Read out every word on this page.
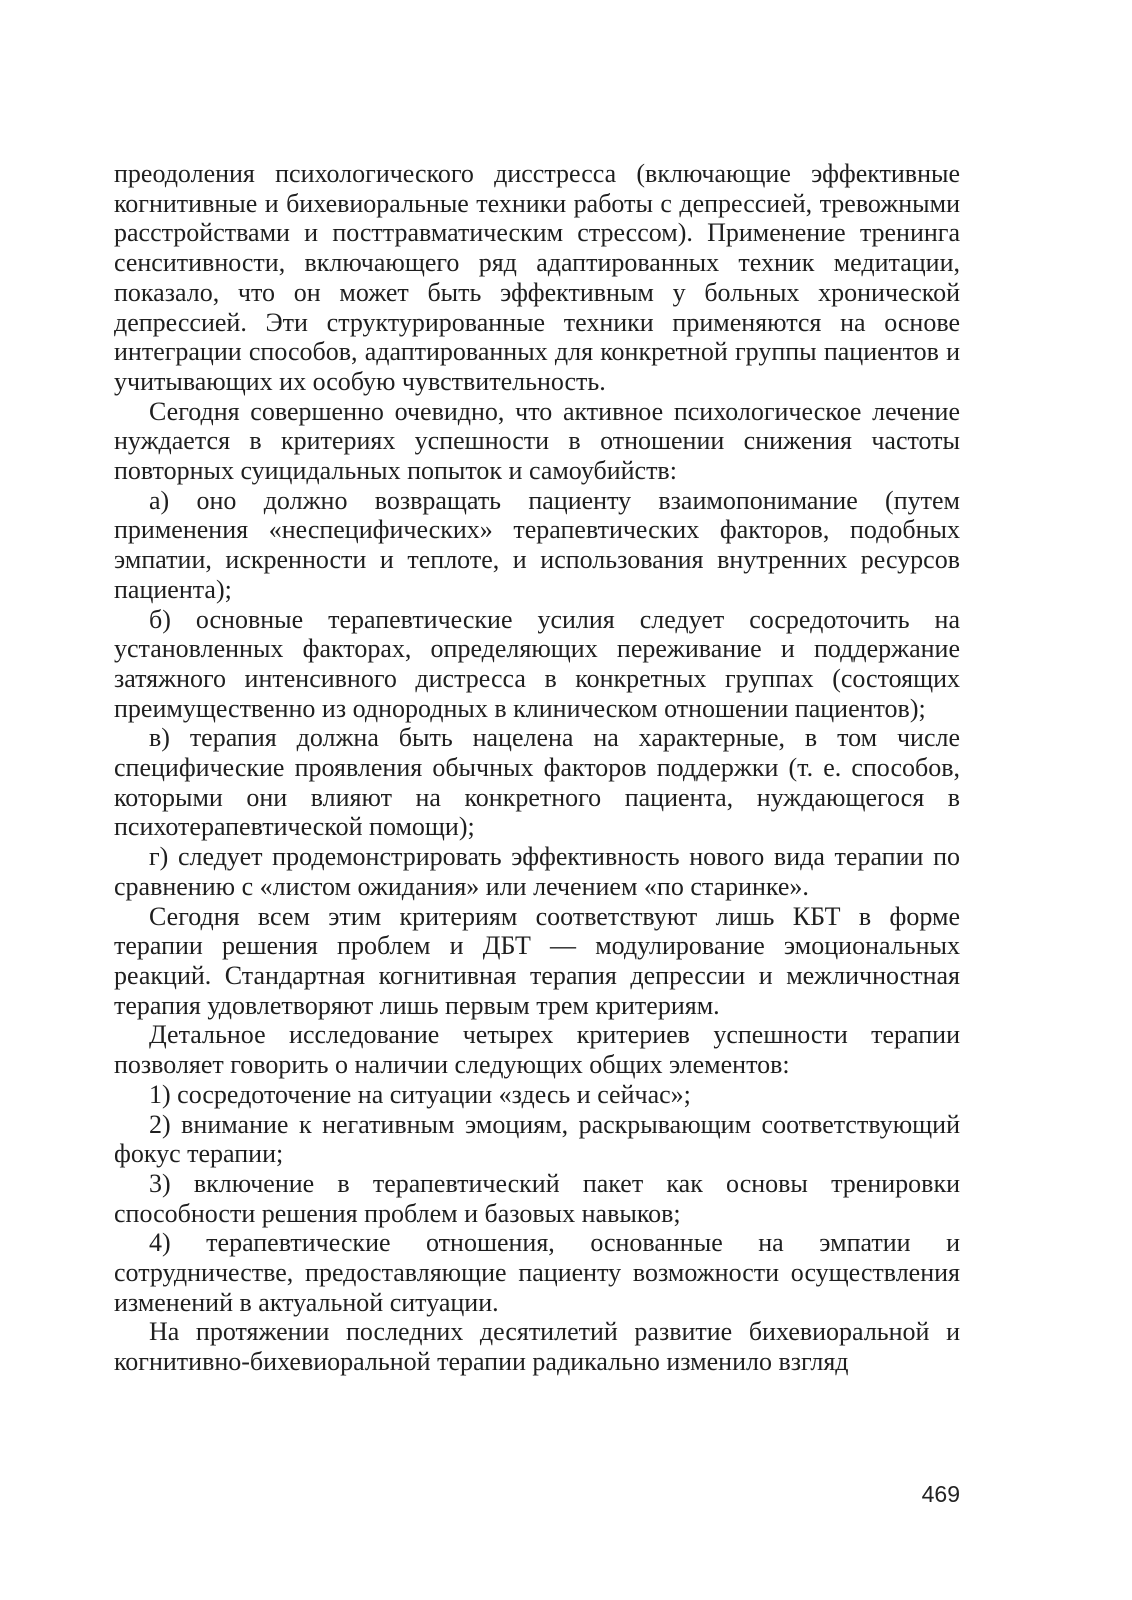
преодоления психологического дисстресса (включающие эффективные когнитивные и бихевиоральные техники работы с депрессией, тревожными расстройствами и посттравматическим стрессом). Применение тренинга сенситивности, включающего ряд адаптированных техник медитации, показало, что он может быть эффективным у больных хронической депрессией. Эти структурированные техники применяются на основе интеграции способов, адаптированных для конкретной группы пациентов и учитывающих их особую чувствительность.

Сегодня совершенно очевидно, что активное психологическое лечение нуждается в критериях успешности в отношении снижения частоты повторных суицидальных попыток и самоубийств:

а) оно должно возвращать пациенту взаимопонимание (путем применения «неспецифических» терапевтических факторов, подобных эмпатии, искренности и теплоте, и использования внутренних ресурсов пациента);

б) основные терапевтические усилия следует сосредоточить на установленных факторах, определяющих переживание и поддержание затяжного интенсивного дистресса в конкретных группах (состоящих преимущественно из однородных в клиническом отношении пациентов);

в) терапия должна быть нацелена на характерные, в том числе специфические проявления обычных факторов поддержки (т. е. способов, которыми они влияют на конкретного пациента, нуждающегося в психотерапевтической помощи);

г) следует продемонстрировать эффективность нового вида терапии по сравнению с «листом ожидания» или лечением «по старинке».

Сегодня всем этим критериям соответствуют лишь КБТ в форме терапии решения проблем и ДБТ — модулирование эмоциональных реакций. Стандартная когнитивная терапия депрессии и межличностная терапия удовлетворяют лишь первым трем критериям.

Детальное исследование четырех критериев успешности терапии позволяет говорить о наличии следующих общих элементов:

1) сосредоточение на ситуации «здесь и сейчас»;

2) внимание к негативным эмоциям, раскрывающим соответствующий фокус терапии;

3) включение в терапевтический пакет как основы тренировки способности решения проблем и базовых навыков;

4) терапевтические отношения, основанные на эмпатии и сотрудничестве, предоставляющие пациенту возможности осуществления изменений в актуальной ситуации.

На протяжении последних десятилетий развитие бихевиоральной и когнитивно-бихевиоральной терапии радикально изменило взгляд

469
